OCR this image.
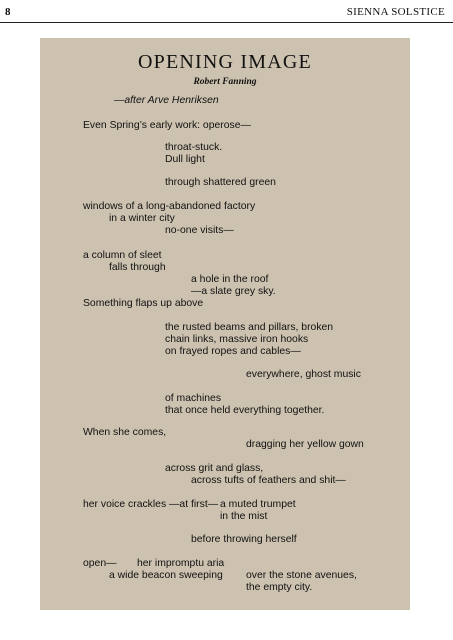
8	SIENNA SOLSTICE
OPENING IMAGE
Robert Fanning
—after Arve Henriksen
Even Spring’s early work: operose—
throat-stuck.
Dull light
through shattered green
windows of a long-abandoned factory
in a winter city
no-one visits—
a column of sleet
falls through
a hole in the roof
—a slate grey sky.
Something flaps up above
the rusted beams and pillars, broken
chain links, massive iron hooks
on frayed ropes and cables—
everywhere, ghost music
of machines
that once held everything together.
When she comes,
dragging her yellow gown
across grit and glass,
across tufts of feathers and shit—
her voice crackles —at first— a muted trumpet
in the mist
before throwing herself
open— her impromptu aria
a wide beacon sweeping over the stone avenues,
the empty city.
